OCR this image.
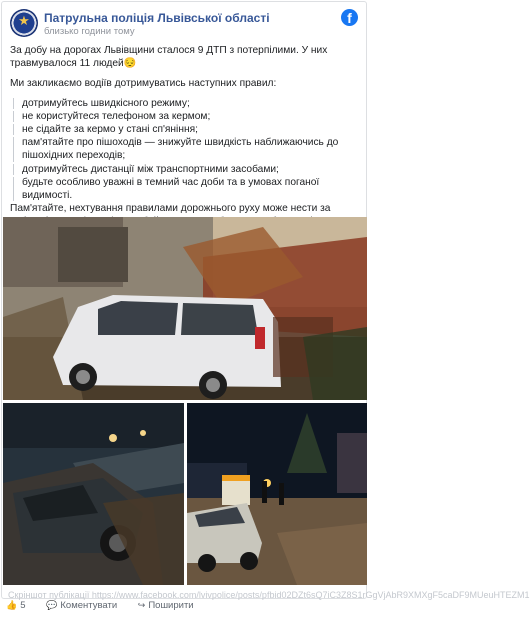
★ Патрульна поліція Львівської області
близько години тому
f

За добу на дорогах Львівщини сталося 9 ДТП з потерпілими. У них травмувалося 11 людей😔

Ми закликаємо водіїв дотримуватись наступних правил:

дотримуйтесь швидкісного режиму;
не користуйтеся телефоном за кермом;
не сідайте за кермо у стані сп'яніння;
пам'ятайте про пішоходів — знижуйте швидкість наближаючись до пішохідних переходів;
дотримуйтесь дистанції між транспортними засобами;
будьте особливо уважні в темний час доби та в умовах поганої видимості.

Пам'ятайте, нехтування правилами дорожнього руху може нести за

Скріншот публікації https://www.facebook.com/lvivpolice/posts/pfbid02DZt6sQ7iC3Z8S1rGgVjAbR9XMXgF5caDF9MUeuHTEZM1
👍 5 💬 Коментувати ↪ Поширити
